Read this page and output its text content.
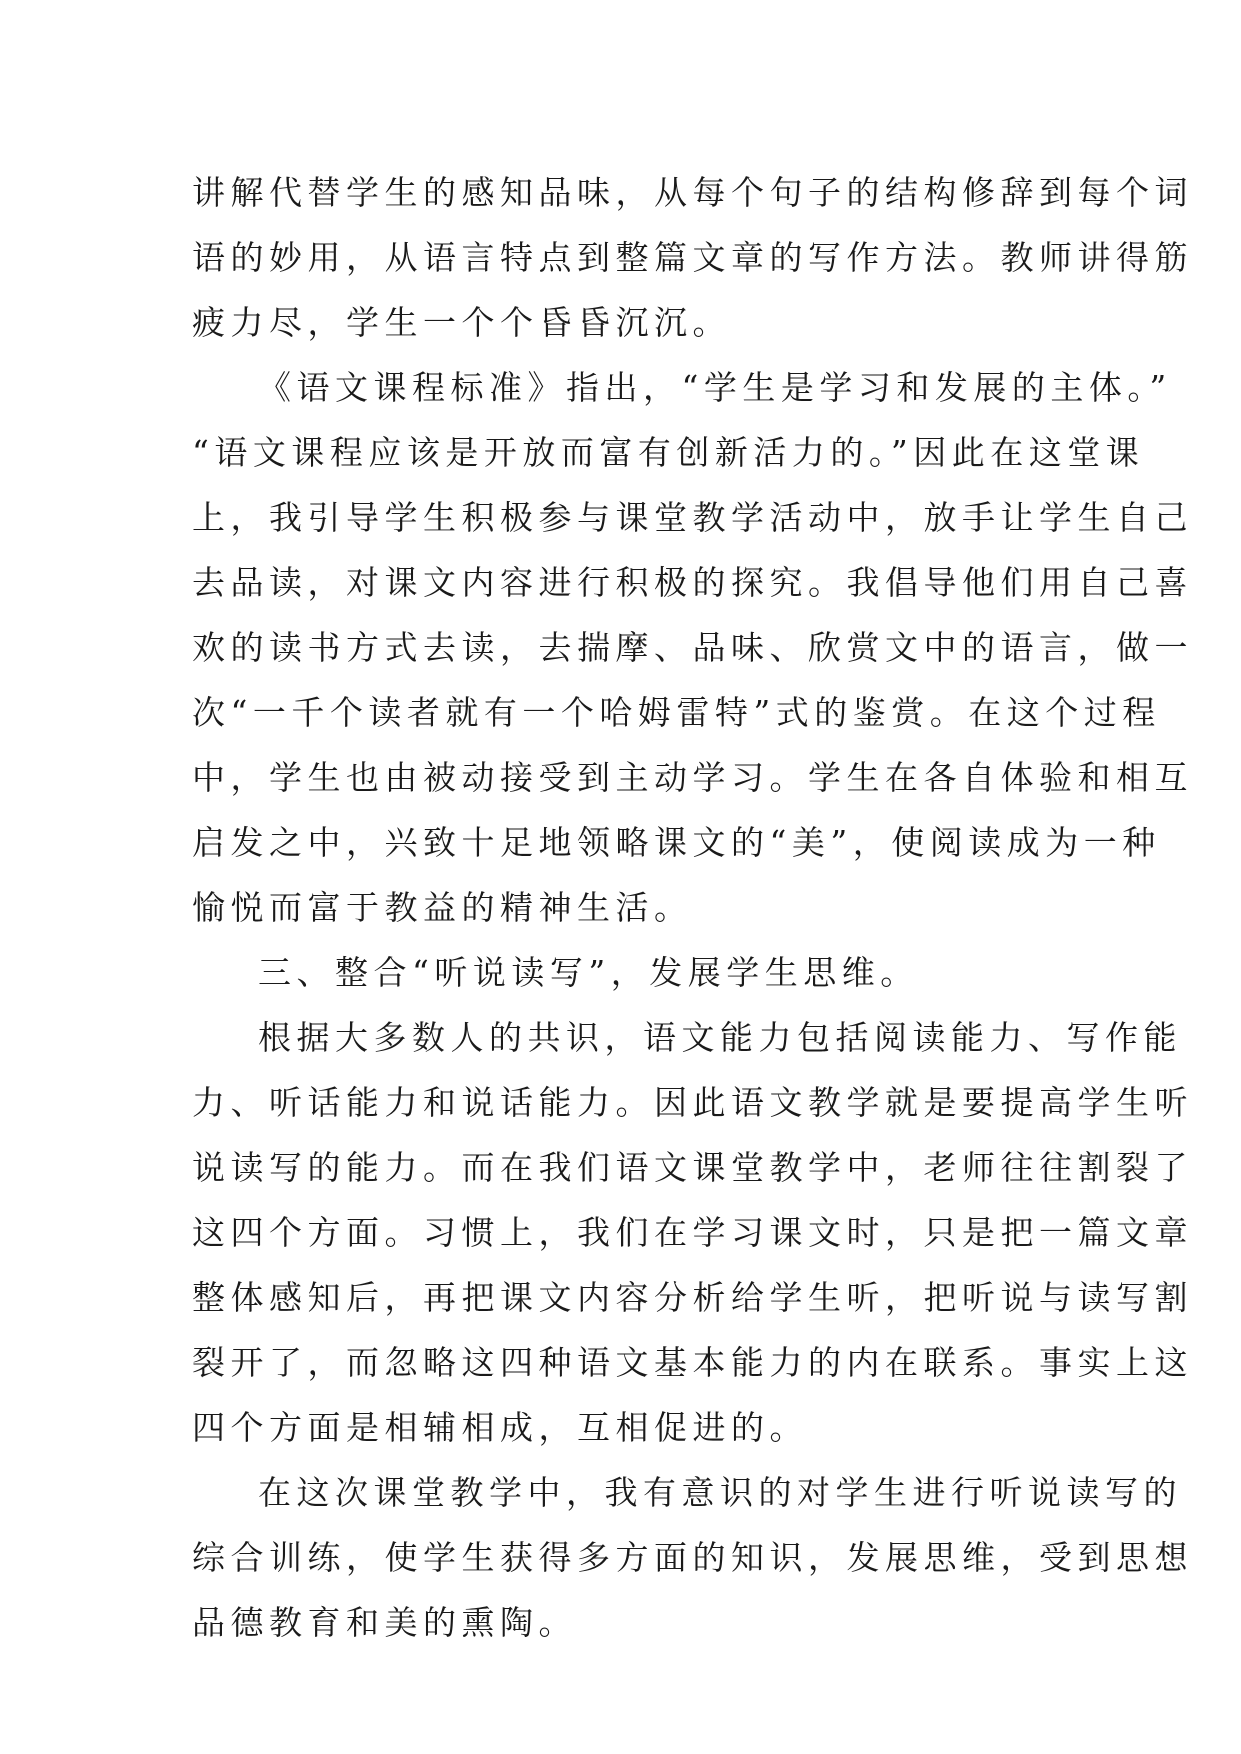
讲解代替学生的感知品味，从每个句子的结构修辞到每个词
语的妙用，从语言特点到整篇文章的写作方法。教师讲得筋
疲力尽，学生一个个昏昏沉沉。
《语文课程标准》指出，“学生是学习和发展的主体。”
“语文课程应该是开放而富有创新活力的。”因此在这堂课
上，我引导学生积极参与课堂教学活动中，放手让学生自己
去品读，对课文内容进行积极的探究。我倡导他们用自己喜
欢的读书方式去读，去揣摩、品味、欣赏文中的语言，做一
次“一千个读者就有一个哈姆雷特”式的鉴赏。在这个过程
中，学生也由被动接受到主动学习。学生在各自体验和相互
启发之中，兴致十足地领略课文的“美”，使阅读成为一种
愉悦而富于教益的精神生活。
三、整合“听说读写”，发展学生思维。
根据大多数人的共识，语文能力包括阅读能力、写作能
力、听话能力和说话能力。因此语文教学就是要提高学生听
说读写的能力。而在我们语文课堂教学中，老师往往割裂了
这四个方面。习惯上，我们在学习课文时，只是把一篇文章
整体感知后，再把课文内容分析给学生听，把听说与读写割
裂开了，而忽略这四种语文基本能力的内在联系。事实上这
四个方面是相辅相成，互相促进的。
在这次课堂教学中，我有意识的对学生进行听说读写的
综合训练，使学生获得多方面的知识，发展思维，受到思想
品德教育和美的熏陶。
